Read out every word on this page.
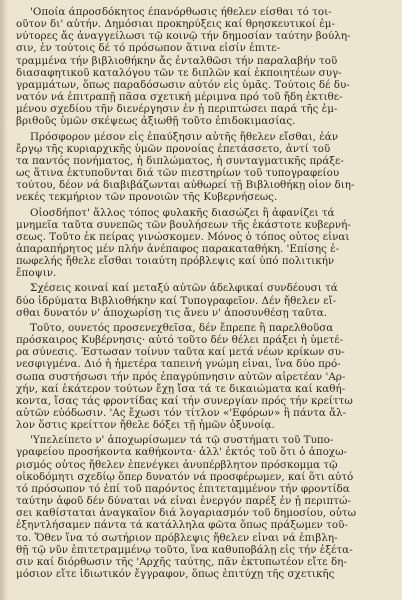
'Οποία άπροσδόκητος έπανόρθωσις ήθελεν είσθαι τό τοι-
οῦτον δι' αὐτήν. Δημόσιαι προκηρύξεις καί θρησκευτικοί ἐμ-
νύτορες ἄς ἀναγγείλωσι τῷ κοινῷ τήν δημοσίαν ταύτην βούλη-
σιν, ἐν τούτοις δέ τό πρόσωπον ἅτινα εἰσίν ἐπιτε-
τραμμένα τήν βιβλιοθήκην ἄς ἐνταλθῶσι τήν παραλαβήν τοῦ
διασαφητικοῦ καταλόγου τῶν τε διπλῶν καί ἐκποιητέων συγ-
γραμμάτων, ὅπως παραδόσωσιν αὐτόν εἰς ὑμᾶς. Τούτοις δέ δυ-
νατόν νά ἐπιτραπῇ πᾶσα σχετική μέριμνα πρό τοῦ ἤδη ἐκτιθε-
μένου σχεδίου τῆν διενέργησιν ἐν ᾗ περιπτώσει παρά τῆς ἐμ-
βριθοῦς ὑμῶν σκέψεως ἀξιωθῇ τοῦτο ἐπιδοκιμασίας.
Πρόσφορον μέσον εἰς ἐπαύξησιν αὐτῆς ἤθελεν εἴσθαι, ἐάν
ἔργῳ τῆς κυριαρχικῆς ὑμῶν προνοίας ἐπετάσσετο, ἀντί τοῦ
τα παντός πονήματος, ἡ διπλώματος, ἡ συνταγματικῆς πράξε-
ως ἅτινα ἐκτυποῦνται διά τῶν πιεστηρίων τοῦ τυπογραφείου
τούτου, δέον νά διαβιβάζωνται αὐθωρεί τῇ Βιβλιοθήκῃ οἷον διη-
νεκές τεκμήριον τῶν προνοιῶν τῆς Κυβερνήσεως.
Οἰοσδήποτ' ἄλλος τόπος φυλακῆς διασώζει ἢ ἀφανίζει τά
μνημεῖα ταῦτα συνεπῶς τῶν βουλήσεων τῆς ἑκάστοτε κυβερνή-
σεως. Τοῦτο ἐκ πείρας γινώσκομεν. Μόνος ὁ τόπος οὗτος εἶναι
ἀπαραπήρητος μέν πλήν ἀνέπαφος παρακαταθήκη. 'Επίσης ἐ-
πωφελής ἤθελε εἴσθαι τοιαύτη πρόβλεψις καί ὑπό πολιτικήν
ἔποψιν.
Σχέσεις κοιναί καί μεταξύ αὐτῶν ἀδελφικαί συνδέουσι τά
δύο ἱδρύματα Βιβλιοθήκην καί Τυπογραφεῖον. Δέν ἤθελεν εἴ-
σθαι δυνατόν ν' ἀποχωρίσῃ τις ἄνευ ν' ἀποσυνθέσῃ ταῦτα.
Τοῦτο, ουνετός προσενεχθεῖσα, δέν ἔπρεπε ἢ παρελθοῦσα
πρόσκαιρος Κυβέρνησις· αὐτό τοῦτο δέν θέλει πράξει ἡ ὑμετέ-
ρα σύνεσις. Έστωσαν τοίνυν ταῦτα καί μετά νέων κρίκων συ-
νεσφιγμένα. Διό ἡ ἡμετέρα ταπεινή γνώμη εἶναι, ἵνα δύο πρό-
σωπα συστήσωσι τήν πρός ἐπαγρύπνησιν αὐτῶν αἱρετέαν 'Αρ-
χήν, καί ἑκάτερον τούτων ἔχῃ ἴσα τά τε δικαιώματα καί καθή-
κοντα, ἴσας τάς φροντίδας καί τήν συνεργίαν πρός τήν κρείττω
αὐτῶν εὐόδωσιν. 'Ας ἔχωσι τόν τίτλον «'Εφόρων» ἢ πάντα ἄλ-
λον ὅστις κρείττον ἤθελε δόξει τῇ ἡμῶν ὀξυνοίᾳ.
'Υπελείπετο ν' ἀποχωρίσωμεν τά τῷ συστήματι τοῦ Τυπο-
γραφείου προσήκοντα καθήκοντα· ἀλλ' ἐκτός τοῦ ὅτι ὁ ἀποχω-
ρισμός οὗτος ἤθελεν ἐπενέγκει ἀνυπέρβλητον πρόσκομμα τῷ
οἰκοδόμητι σχεδίῳ ὅπερ δυνατόν νά προσφέρωμεν, καί ὅτι αὐτό
τό πρόσωπον τό ἐπί τοῦ παρόντος ἐπιτεταμμένον τήν φροντίδα
ταύτην ἀφοῦ δέν δύναται νά εἶναι ἐνεργόν παρέξ ἐν ᾗ περιπτώ-
σει καθίσταται ἀναγκαῖον διά λογαριασμόν τοῦ δημοσίου, οὗτω
ἐξηντλήσαμεν πάντα τά κατάλληλα φῶτα ὅπως πράξωμεν τοῦ-
το. Ὅθεν ἵνα τό σωτήριον πρόβλεψις ἤθελεν εἶναι νά ἐπιβλη-
θῇ τῷ νῦν ἐπιτετραμμένῳ τοῦτο, ἵνα καθυποβάλῃ εἰς τήν ἐξέτα-
σιν καί διόρθωσιν τῆς 'Αρχῆς ταύτης, πᾶν ἐκτυπωτέον εἴτε δη-
μόσιον εἴτε ἰδιωτικόν ἔγγραφον, ὅπως ἐπιτύχῃ τῆς σχετικῆς
